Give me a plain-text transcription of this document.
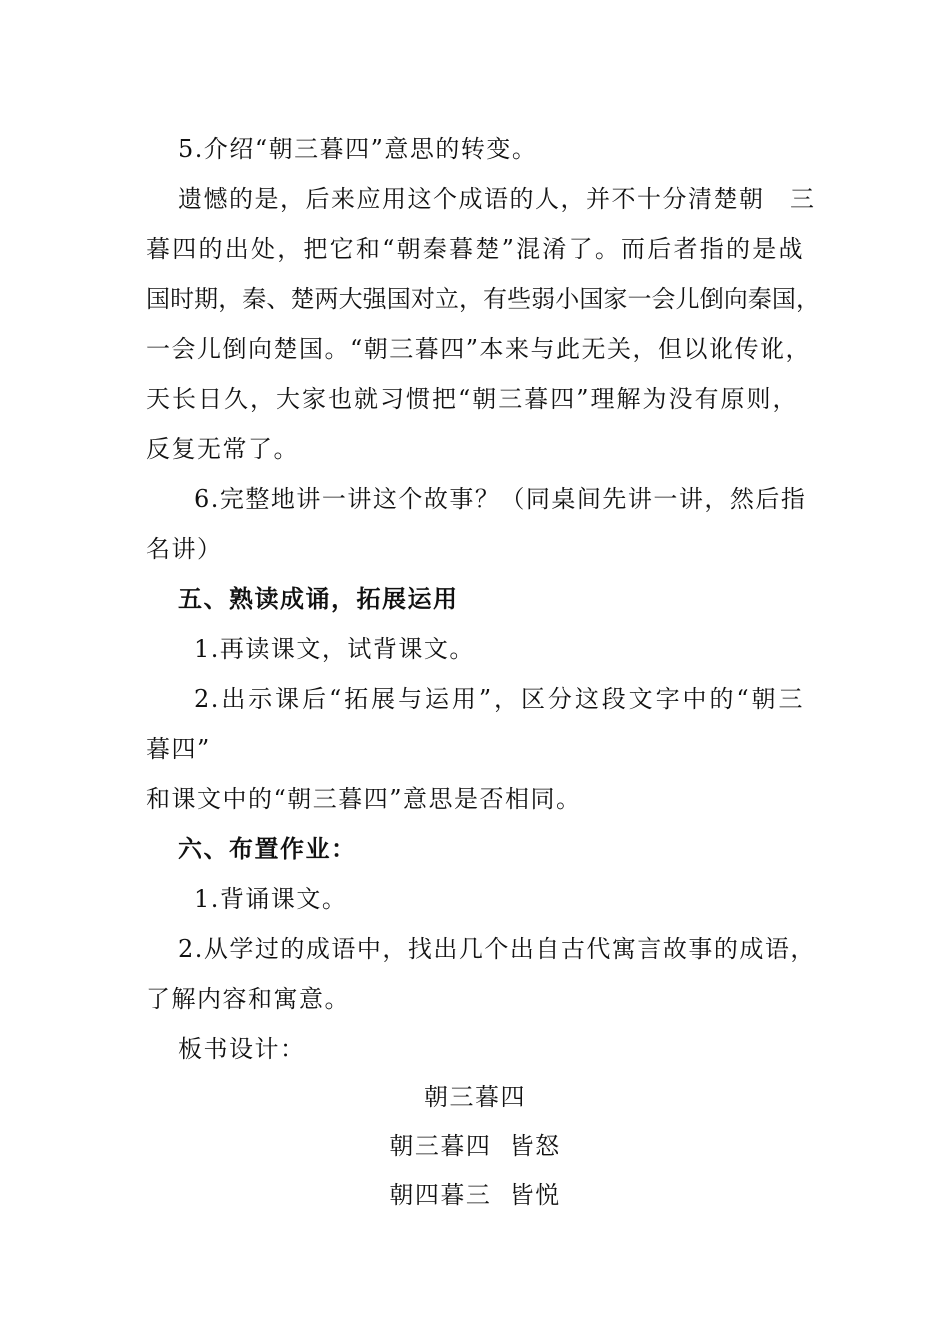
5.介绍“朝三暮四”意思的转变。
遗憾的是，后来应用这个成语的人，并不十分清楚朝　三
暮四的出处，把它和“朝秦暮楚”混淆了。而后者指的是战
国时期，秦、楚两大强国对立，有些弱小国家一会儿倒向秦国，
一会儿倒向楚国。“朝三暮四”本来与此无关，但以讹传讹，
天长日久，大家也就习惯把“朝三暮四”理解为没有原则，
反复无常了。
6.完整地讲一讲这个故事？（同桌间先讲一讲，然后指
名讲）
五、熟读成诵，拓展运用
1.再读课文，试背课文。
2.出示课后“拓展与运用”，区分这段文字中的“朝三
暮四”
和课文中的“朝三暮四”意思是否相同。
六、布置作业：
1.背诵课文。
2.从学过的成语中，找出几个出自古代寓言故事的成语，
了解内容和寓意。
板书设计：
朝三暮四
朝三暮四  皆怒
朝四暮三  皆悦
